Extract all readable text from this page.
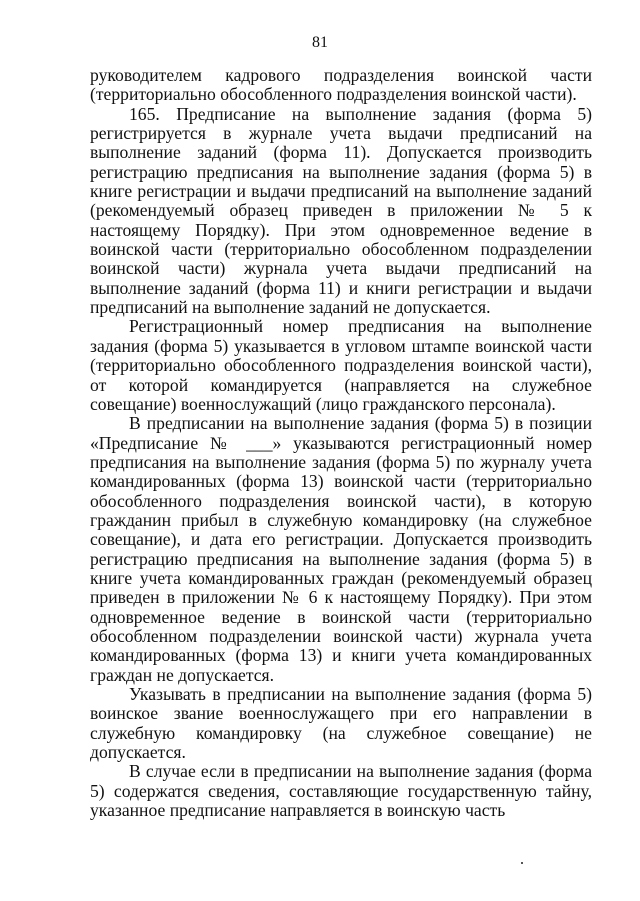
81

руководителем кадрового подразделения воинской части (территориально обособленного подразделения воинской части).

165. Предписание на выполнение задания (форма 5) регистрируется в журнале учета выдачи предписаний на выполнение заданий (форма 11). Допускается производить регистрацию предписания на выполнение задания (форма 5) в книге регистрации и выдачи предписаний на выполнение заданий (рекомендуемый образец приведен в приложении № 5 к настоящему Порядку). При этом одновременное ведение в воинской части (территориально обособленном подразделении воинской части) журнала учета выдачи предписаний на выполнение заданий (форма 11) и книги регистрации и выдачи предписаний на выполнение заданий не допускается.

Регистрационный номер предписания на выполнение задания (форма 5) указывается в угловом штампе воинской части (территориально обособленного подразделения воинской части), от которой командируется (направляется на служебное совещание) военнослужащий (лицо гражданского персонала).

В предписании на выполнение задания (форма 5) в позиции «Предписание № ___» указываются регистрационный номер предписания на выполнение задания (форма 5) по журналу учета командированных (форма 13) воинской части (территориально обособленного подразделения воинской части), в которую гражданин прибыл в служебную командировку (на служебное совещание), и дата его регистрации. Допускается производить регистрацию предписания на выполнение задания (форма 5) в книге учета командированных граждан (рекомендуемый образец приведен в приложении № 6 к настоящему Порядку). При этом одновременное ведение в воинской части (территориально обособленном подразделении воинской части) журнала учета командированных (форма 13) и книги учета командированных граждан не допускается.

Указывать в предписании на выполнение задания (форма 5) воинское звание военнослужащего при его направлении в служебную командировку (на служебное совещание) не допускается.

В случае если в предписании на выполнение задания (форма 5) содержатся сведения, составляющие государственную тайну, указанное предписание направляется в воинскую часть
